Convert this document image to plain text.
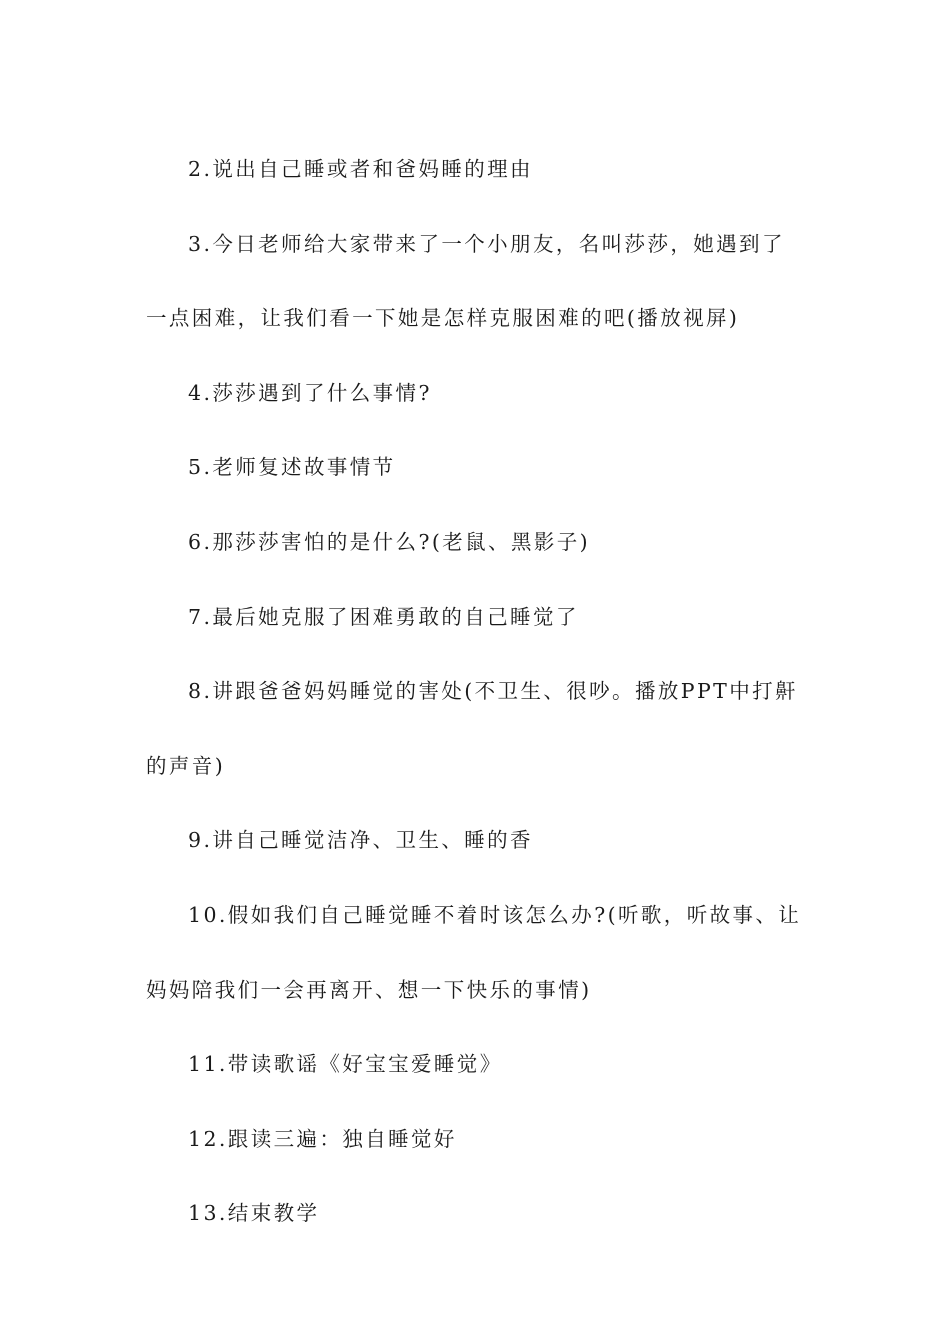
2.说出自己睡或者和爸妈睡的理由

3.今日老师给大家带来了一个小朋友，名叫莎莎，她遇到了一点困难，让我们看一下她是怎样克服困难的吧(播放视屏)

4.莎莎遇到了什么事情?

5.老师复述故事情节

6.那莎莎害怕的是什么?(老鼠、黑影子)

7.最后她克服了困难勇敢的自己睡觉了

8.讲跟爸爸妈妈睡觉的害处(不卫生、很吵。播放PPT中打鼾的声音)

9.讲自己睡觉洁净、卫生、睡的香

10.假如我们自己睡觉睡不着时该怎么办?(听歌，听故事、让妈妈陪我们一会再离开、想一下快乐的事情)

11.带读歌谣《好宝宝爱睡觉》

12.跟读三遍：独自睡觉好

13.结束教学
